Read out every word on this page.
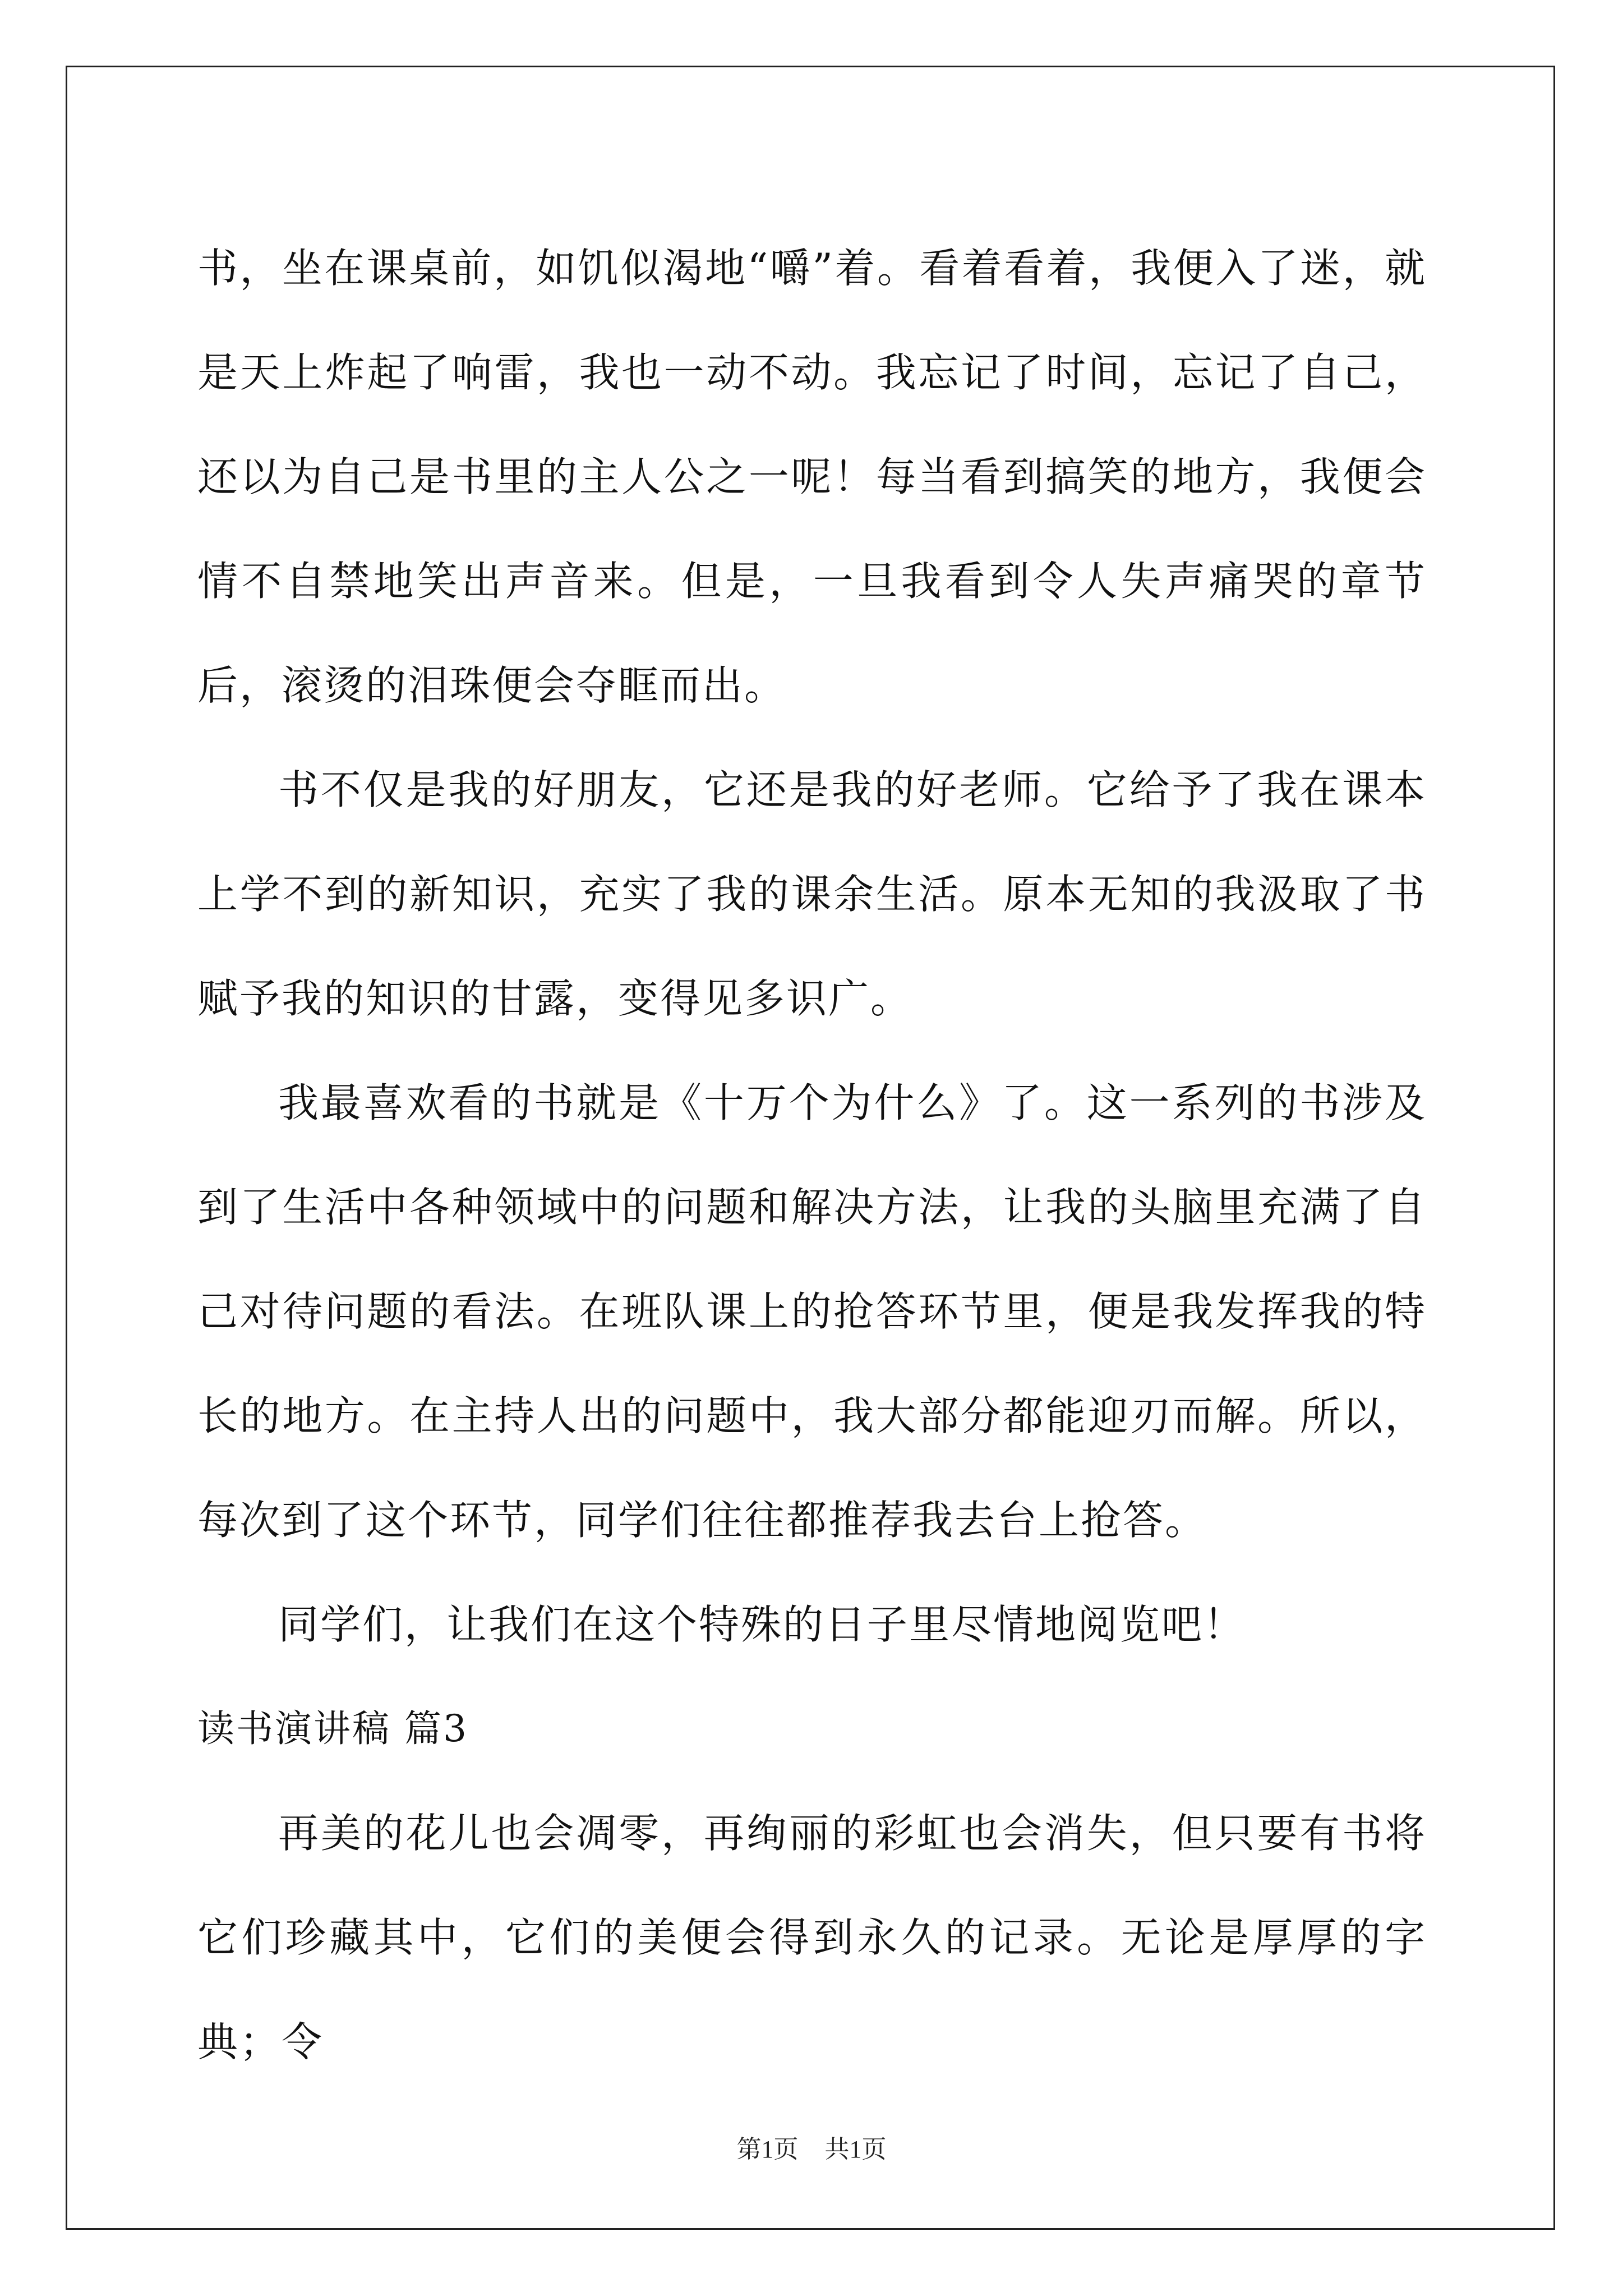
书，坐在课桌前，如饥似渴地“嚼”着。看着看着，我便入了迷，就是天上炸起了响雷，我也一动不动。我忘记了时间，忘记了自己，还以为自己是书里的主人公之一呢！每当看到搞笑的地方，我便会情不自禁地笑出声音来。但是，一旦我看到令人失声痛哭的章节后，滚烫的泪珠便会夺眶而出。

书不仅是我的好朋友，它还是我的好老师。它给予了我在课本上学不到的新知识，充实了我的课余生活。原本无知的我汲取了书赋予我的知识的甘露，变得见多识广。

我最喜欢看的书就是《十万个为什么》了。这一系列的书涉及到了生活中各种领域中的问题和解决方法，让我的头脑里充满了自己对待问题的看法。在班队课上的抢答环节里，便是我发挥我的特长的地方。在主持人出的问题中，我大部分都能迎刃而解。所以，每次到了这个环节，同学们往往都推荐我去台上抢答。

同学们，让我们在这个特殊的日子里尽情地阅览吧！

读书演讲稿 篇3

再美的花儿也会凋零，再绚丽的彩虹也会消失，但只要有书将它们珍藏其中，它们的美便会得到永久的记录。无论是厚厚的字典；令

第1页 共1页
